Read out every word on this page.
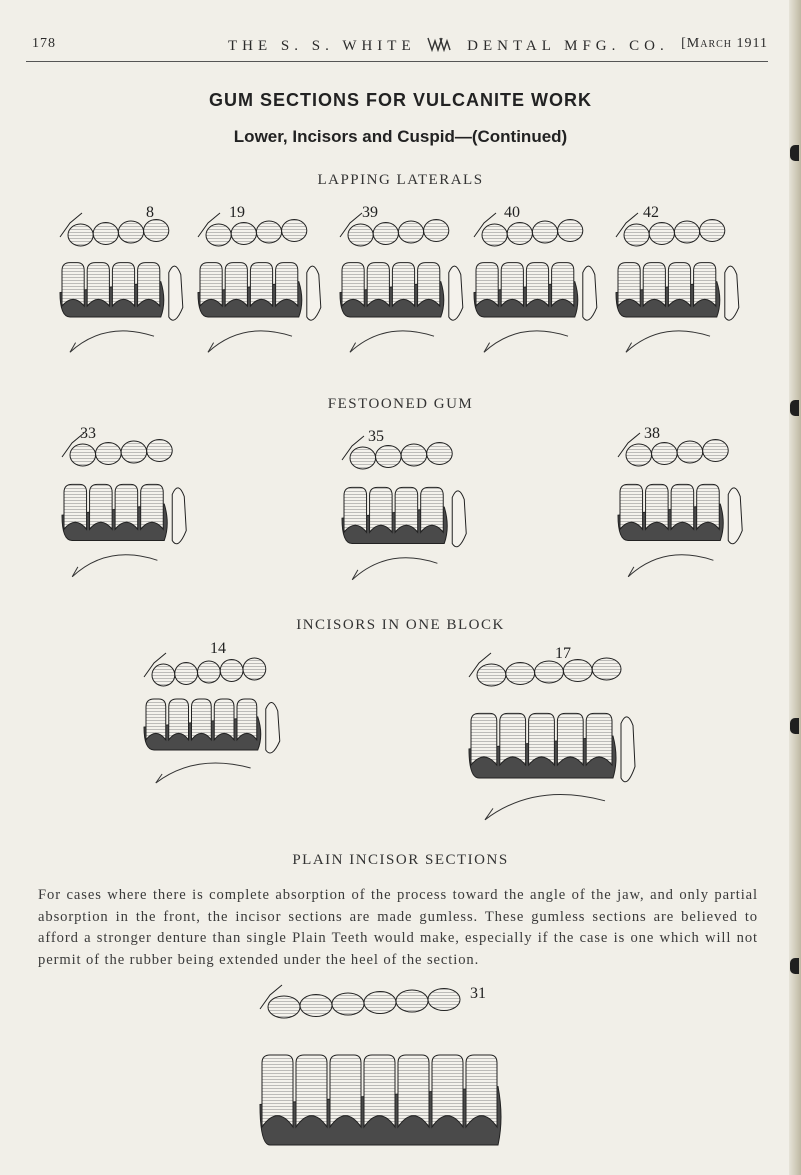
178	THE S. S. WHITE	DENTAL MFG. CO. [March 1911
GUM SECTIONS FOR VULCANITE WORK
Lower, Incisors and Cuspid—(Continued)
LAPPING LATERALS
8	19	39	40	42
FESTOONED GUM
33	35	38
INCISORS IN ONE BLOCK
14	17
PLAIN INCISOR SECTIONS
For cases where there is complete absorption of the process toward the angle of the jaw, and only partial absorption in the front, the incisor sections are made gumless. These gumless sections are believed to afford a stronger denture than single Plain Teeth would make, especially if the case is one which will not permit of the rubber being extended under the heel of the section.
31
